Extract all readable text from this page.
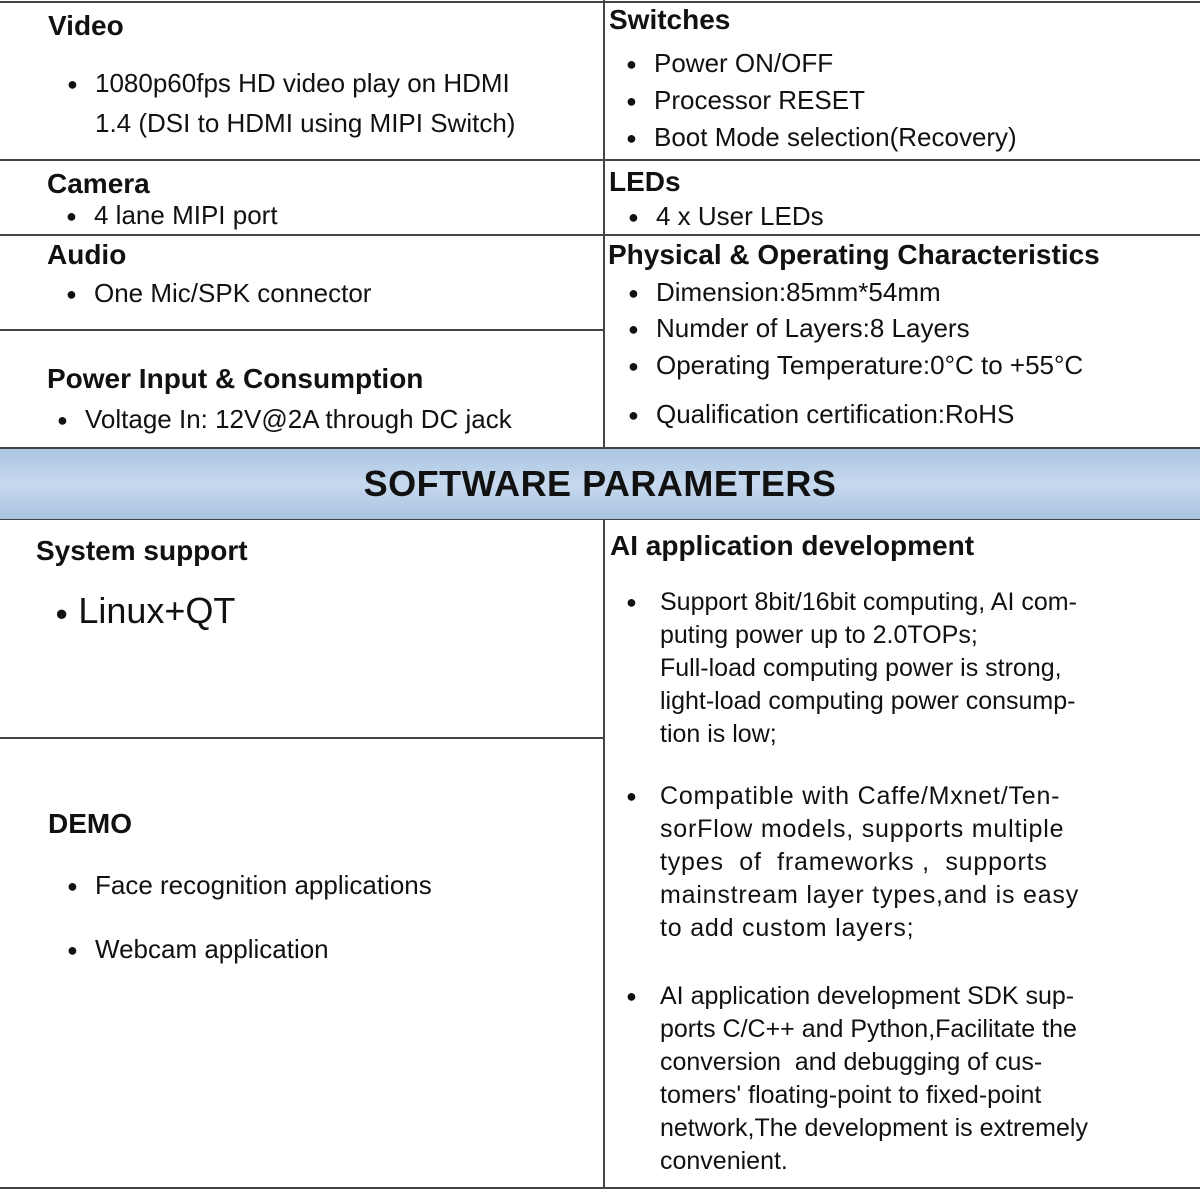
Video
● 1080p60fps HD video play on HDMI
1.4 (DSI to HDMI using MIPI Switch)
Switches
● Power ON/OFF
● Processor RESET
● Boot Mode selection(Recovery)
Camera
● 4 lane MIPI port
LEDs
● 4 x User LEDs
Audio
● One Mic/SPK connector
Physical & Operating Characteristics
● Dimension:85mm*54mm
● Numder of Layers:8 Layers
● Operating Temperature:0°C to +55°C
● Qualification certification:RoHS
Power Input & Consumption
● Voltage In: 12V@2A through DC jack
SOFTWARE PARAMETERS
System support
● Linux+QT
DEMO
● Face recognition applications
● Webcam application
AI application development
● Support 8bit/16bit computing, AI com-
puting power up to 2.0TOPs;
Full-load computing power is strong,
light-load computing power consump-
tion is low;
● Compatible with Caffe/Mxnet/Ten-
sorFlow models, supports multiple
types  of  frameworks ,  supports
mainstream layer types,and is easy
to add custom layers;
● AI application development SDK sup-
ports C/C++ and Python,Facilitate the
conversion  and debugging of cus-
tomers' floating-point to fixed-point
network,The development is extremely
convenient.
